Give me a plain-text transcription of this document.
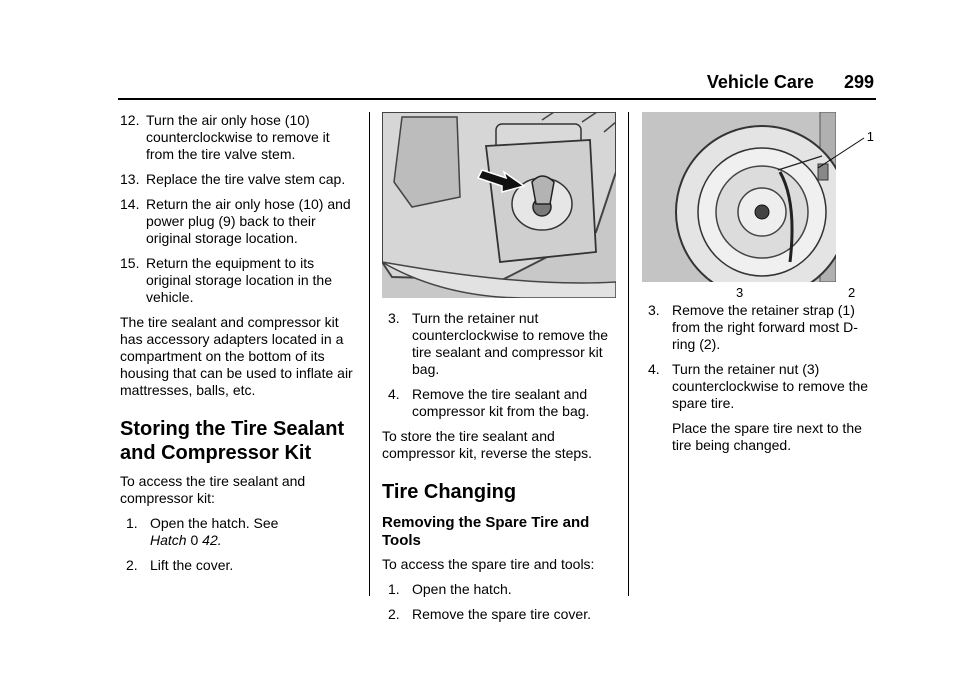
Vehicle Care 299
12. Turn the air only hose (10) counterclockwise to remove it from the tire valve stem.
13. Replace the tire valve stem cap.
14. Return the air only hose (10) and power plug (9) back to their original storage location.
15. Return the equipment to its original storage location in the vehicle.

The tire sealant and compressor kit has accessory adapters located in a compartment on the bottom of its housing that can be used to inflate air mattresses, balls, etc.

Storing the Tire Sealant and Compressor Kit

To access the tire sealant and compressor kit:

1. Open the hatch. See
Hatch 0 42.
2. Lift the cover.
3. Turn the retainer nut counterclockwise to remove the tire sealant and compressor kit bag.
4. Remove the tire sealant and compressor kit from the bag.

To store the tire sealant and compressor kit, reverse the steps.

Tire Changing
Removing the Spare Tire and Tools

To access the spare tire and tools:

1. Open the hatch.
2. Remove the spare tire cover.
1
3	2
3. Remove the retainer strap (1) from the right forward most D-ring (2).
4. Turn the retainer nut (3) counterclockwise to remove the spare tire.

Place the spare tire next to the tire being changed.
